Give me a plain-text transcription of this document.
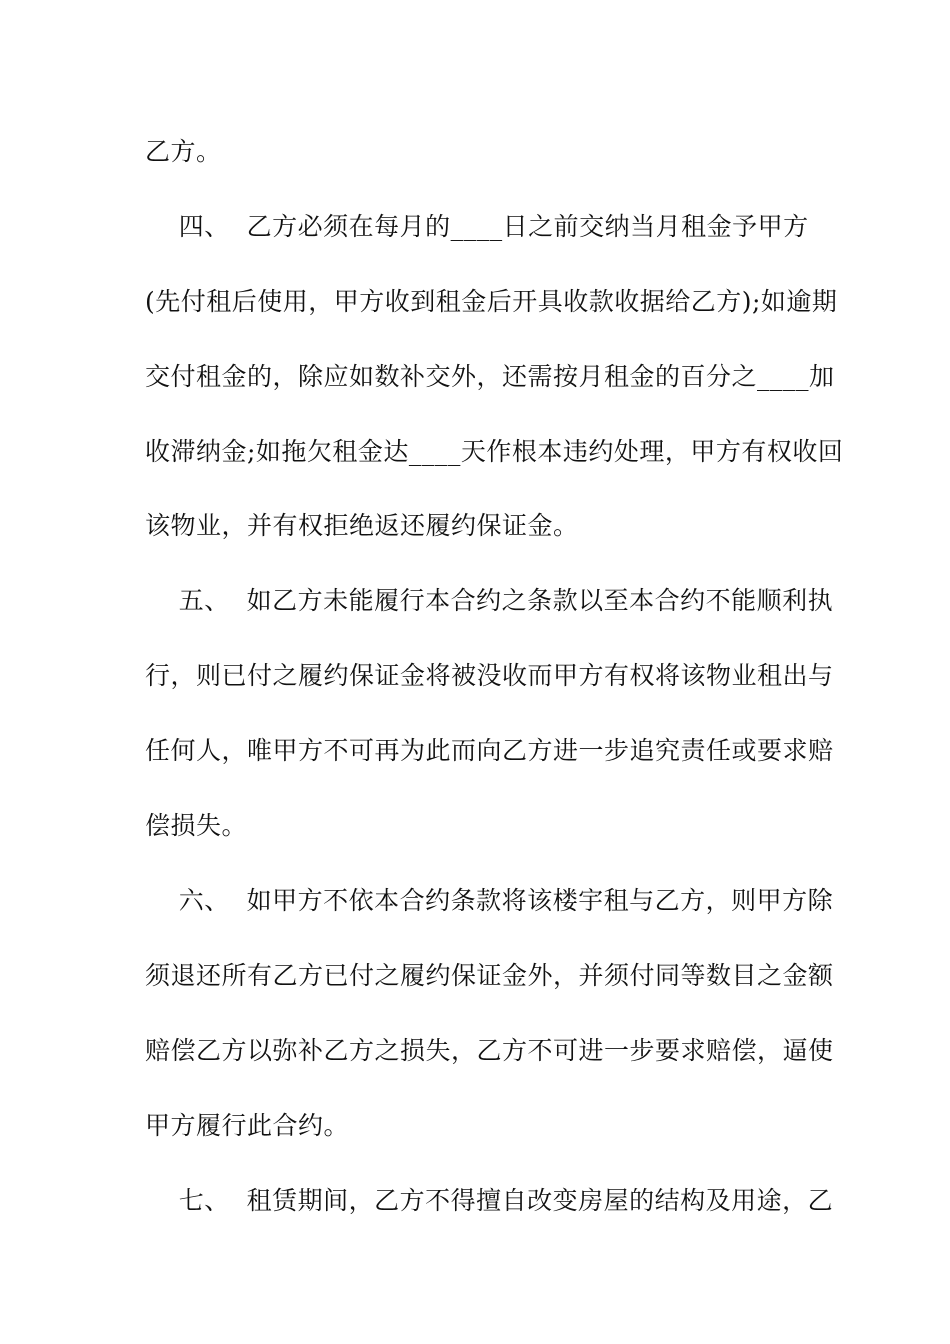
乙方。
四、  乙方必须在每月的____日之前交纳当月租金予甲方
(先付租后使用，甲方收到租金后开具收款收据给乙方);如逾期
交付租金的，除应如数补交外，还需按月租金的百分之____加
收滞纳金;如拖欠租金达____天作根本违约处理，甲方有权收回
该物业，并有权拒绝返还履约保证金。
五、  如乙方未能履行本合约之条款以至本合约不能顺利执
行，则已付之履约保证金将被没收而甲方有权将该物业租出与
任何人，唯甲方不可再为此而向乙方进一步追究责任或要求赔
偿损失。
六、  如甲方不依本合约条款将该楼宇租与乙方，则甲方除
须退还所有乙方已付之履约保证金外，并须付同等数目之金额
赔偿乙方以弥补乙方之损失，乙方不可进一步要求赔偿，逼使
甲方履行此合约。
七、  租赁期间，乙方不得擅自改变房屋的结构及用途，乙
